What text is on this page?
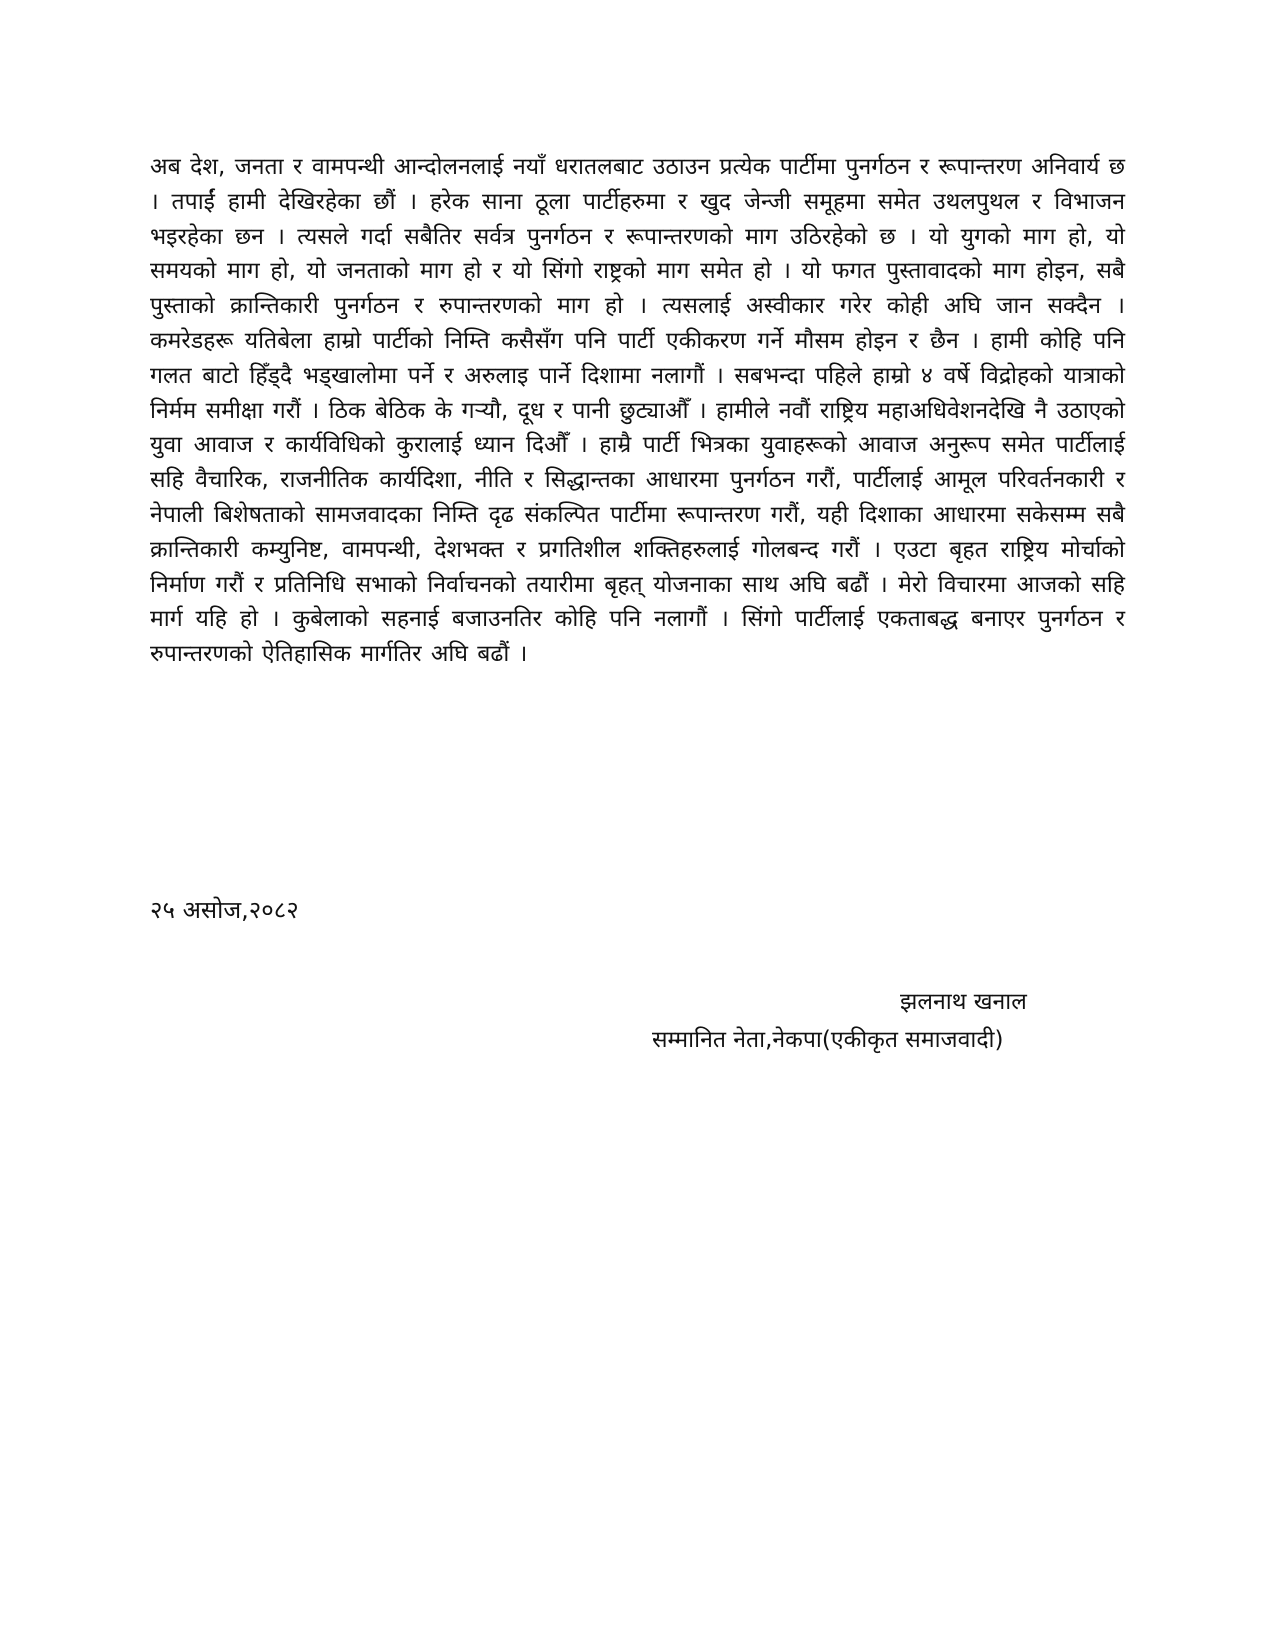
अब देश, जनता र वामपन्थी आन्दोलनलाई नयाँ धरातलबाट उठाउन प्रत्येक पार्टीमा पुनर्गठन र रूपान्तरण अनिवार्य छ । तपाईं हामी देखिरहेका छौं । हरेक साना ठूला पार्टीहरुमा र खुद जेन्जी समूहमा समेत उथलपुथल र विभाजन भइरहेका छन । त्यसले गर्दा सबैतिर सर्वत्र पुनर्गठन र रूपान्तरणको माग उठिरहेको छ । यो युगको माग हो, यो समयको माग हो, यो जनताको माग हो र यो सिंगो राष्ट्रको माग समेत हो । यो फगत पुस्तावादको माग होइन, सबै पुस्ताको क्रान्तिकारी पुनर्गठन र रुपान्तरणको माग हो । त्यसलाई अस्वीकार गरेर कोही अघि जान सक्दैन । कमरेडहरू यतिबेला हाम्रो पार्टीको निम्ति कसैसँग पनि पार्टी एकीकरण गर्ने मौसम होइन र छैन । हामी कोहि पनि गलत बाटो हिँड्दै भड्खालोमा पर्ने र अरुलाइ पार्ने दिशामा नलागौं । सबभन्दा पहिले हाम्रो ४ वर्षे विद्रोहको यात्राको निर्मम समीक्षा गरौं । ठिक बेठिक के गर्‍यौ, दूध र पानी छुट्याऔँ । हामीले नवौं राष्ट्रिय महाअधिवेशनदेखि नै उठाएको युवा आवाज र कार्यविधिको कुरालाई ध्यान दिऔँ । हाम्रै पार्टी भित्रका युवाहरूको आवाज अनुरूप समेत पार्टीलाई सहि वैचारिक, राजनीतिक कार्यदिशा, नीति र सिद्धान्तका आधारमा पुनर्गठन गरौं, पार्टीलाई आमूल परिवर्तनकारी र नेपाली बिशेषताको सामजवादका निम्ति दृढ संकल्पित पार्टीमा रूपान्तरण गरौं, यही दिशाका आधारमा सकेसम्म सबै क्रान्तिकारी कम्युनिष्ट, वामपन्थी, देशभक्त र प्रगतिशील शक्तिहरुलाई गोलबन्द गरौं । एउटा बृहत राष्ट्रिय मोर्चाको निर्माण गरौं र प्रतिनिधि सभाको निर्वाचनको तयारीमा बृहत् योजनाका साथ अघि बढौं । मेरो विचारमा आजको सहि मार्ग यहि हो । कुबेलाको सहनाई बजाउनतिर कोहि पनि नलागौं । सिंगो पार्टीलाई एकताबद्ध बनाएर पुनर्गठन र रुपान्तरणको ऐतिहासिक मार्गतिर अघि बढौं ।

२५ असोज,२०८२

झलनाथ खनाल

सम्मानित नेता,नेकपा(एकीकृत समाजवादी)
